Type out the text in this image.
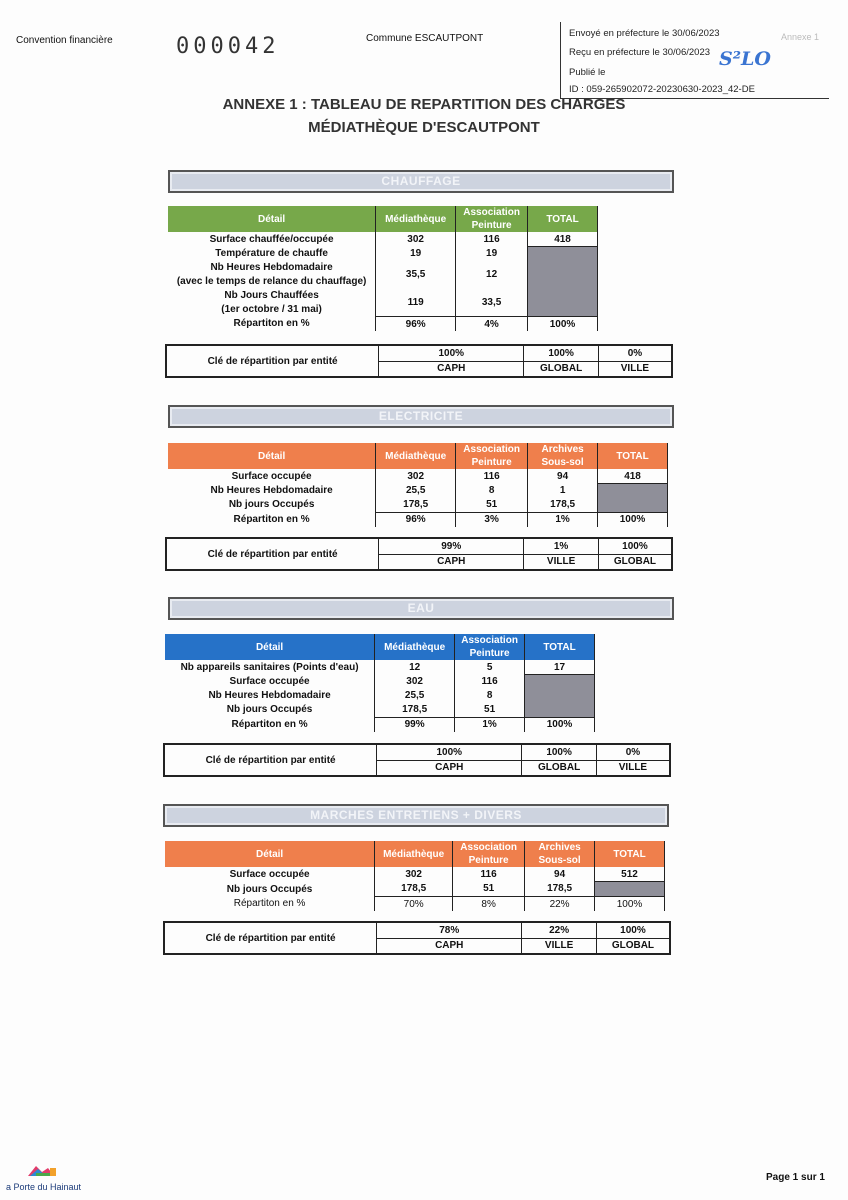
Convention financière	000042	Commune ESCAUTPONT	Envoyé en préfecture le 30/06/2023
Reçu en préfecture le 30/06/2023
Publié le
ID : 059-265902072-20230630-2023_42-DE
Annexe 1
S²LO
ANNEXE 1 : TABLEAU DE REPARTITION DES CHARGES
MÉDIATHÈQUE D'ESCAUTPONT
CHAUFFAGE
Détail	Médiathèque	Association Peinture	TOTAL
Surface chauffée/occupée	302	116	418
Température de chauffe	19	19	
Nb Heures Hebdomadaire	35,5	12	
(avec le temps de relance du chauffage)			
Nb Jours Chauffées	119	33,5	
(1er octobre / 31 mai)			
Répartiton en %	96%	4%	100%
Clé de répartition par entité	100%	100%	0%
	CAPH	GLOBAL	VILLE
ELECTRICITE
Détail	Médiathèque	Association Peinture	Archives Sous-sol	TOTAL
Surface occupée	302	116	94	418
Nb Heures Hebdomadaire	25,5	8	1	
Nb jours Occupés	178,5	51	178,5	
Répartiton en %	96%	3%	1%	100%
Clé de répartition par entité	99%	1%	100%
	CAPH	VILLE	GLOBAL
EAU
Détail	Médiathèque	Association Peinture	TOTAL
Nb appareils sanitaires (Points d'eau)	12	5	17
Surface occupée	302	116	
Nb Heures Hebdomadaire	25,5	8	
Nb jours Occupés	178,5	51	
Répartiton en %	99%	1%	100%
Clé de répartition par entité	100%	100%	0%
	CAPH	GLOBAL	VILLE
MARCHES ENTRETIENS + DIVERS
Détail	Médiathèque	Association Peinture	Archives Sous-sol	TOTAL
Surface occupée	302	116	94	512
Nb jours Occupés	178,5	51	178,5	
Répartiton en %	70%	8%	22%	100%
Clé de répartition par entité	78%	22%	100%
	CAPH	VILLE	GLOBAL
a Porte du Hainaut
Page 1 sur 1
